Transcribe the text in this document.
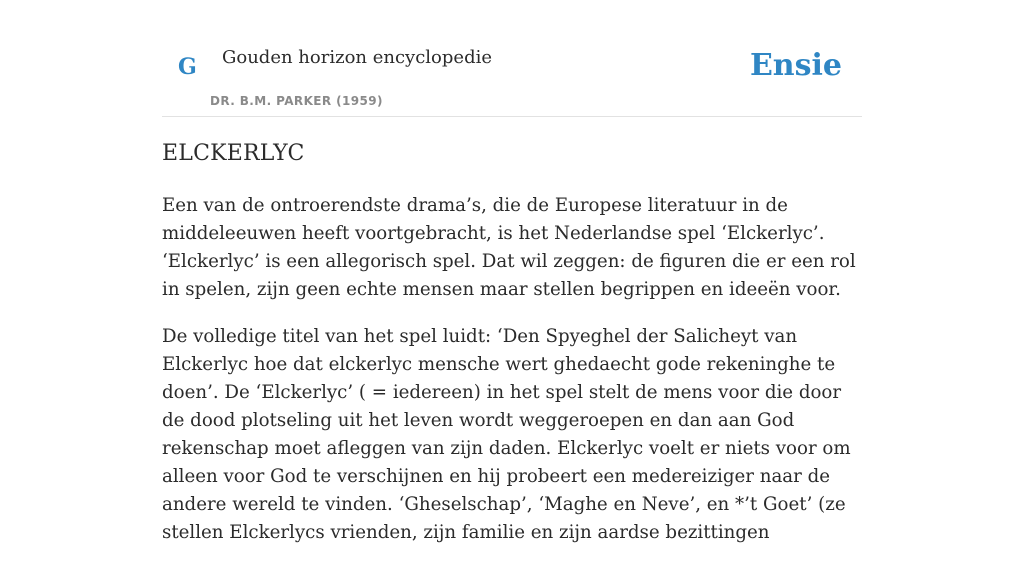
G Gouden horizon encyclopedie
DR. B.M. PARKER (1959)
Ensie
ELCKERLYC

Een van de ontroerendste drama’s, die de Europese literatuur in de middeleeuwen heeft voortgebracht, is het Nederlandse spel ‘Elckerlyc’. ‘Elckerlyc’ is een allegorisch spel. Dat wil zeggen: de figuren die er een rol in spelen, zijn geen echte mensen maar stellen begrippen en ideeën voor.

De volledige titel van het spel luidt: ‘Den Spyeghel der Salicheyt van Elckerlyc hoe dat elckerlyc mensche wert ghedaecht gode rekeninghe te doen’. De ‘Elckerlyc’ ( = iedereen) in het spel stelt de mens voor die door de dood plotseling uit het leven wordt weggeroepen en dan aan God rekenschap moet afleggen van zijn daden. Elckerlyc voelt er niets voor om alleen voor God te verschijnen en hij probeert een medereiziger naar de andere wereld te vinden. ‘Gheselschap’, ‘Maghe en Neve’, en *’t Goet’ (ze stellen Elckerlycs vrienden, zijn familie en zijn aardse bezittingen
